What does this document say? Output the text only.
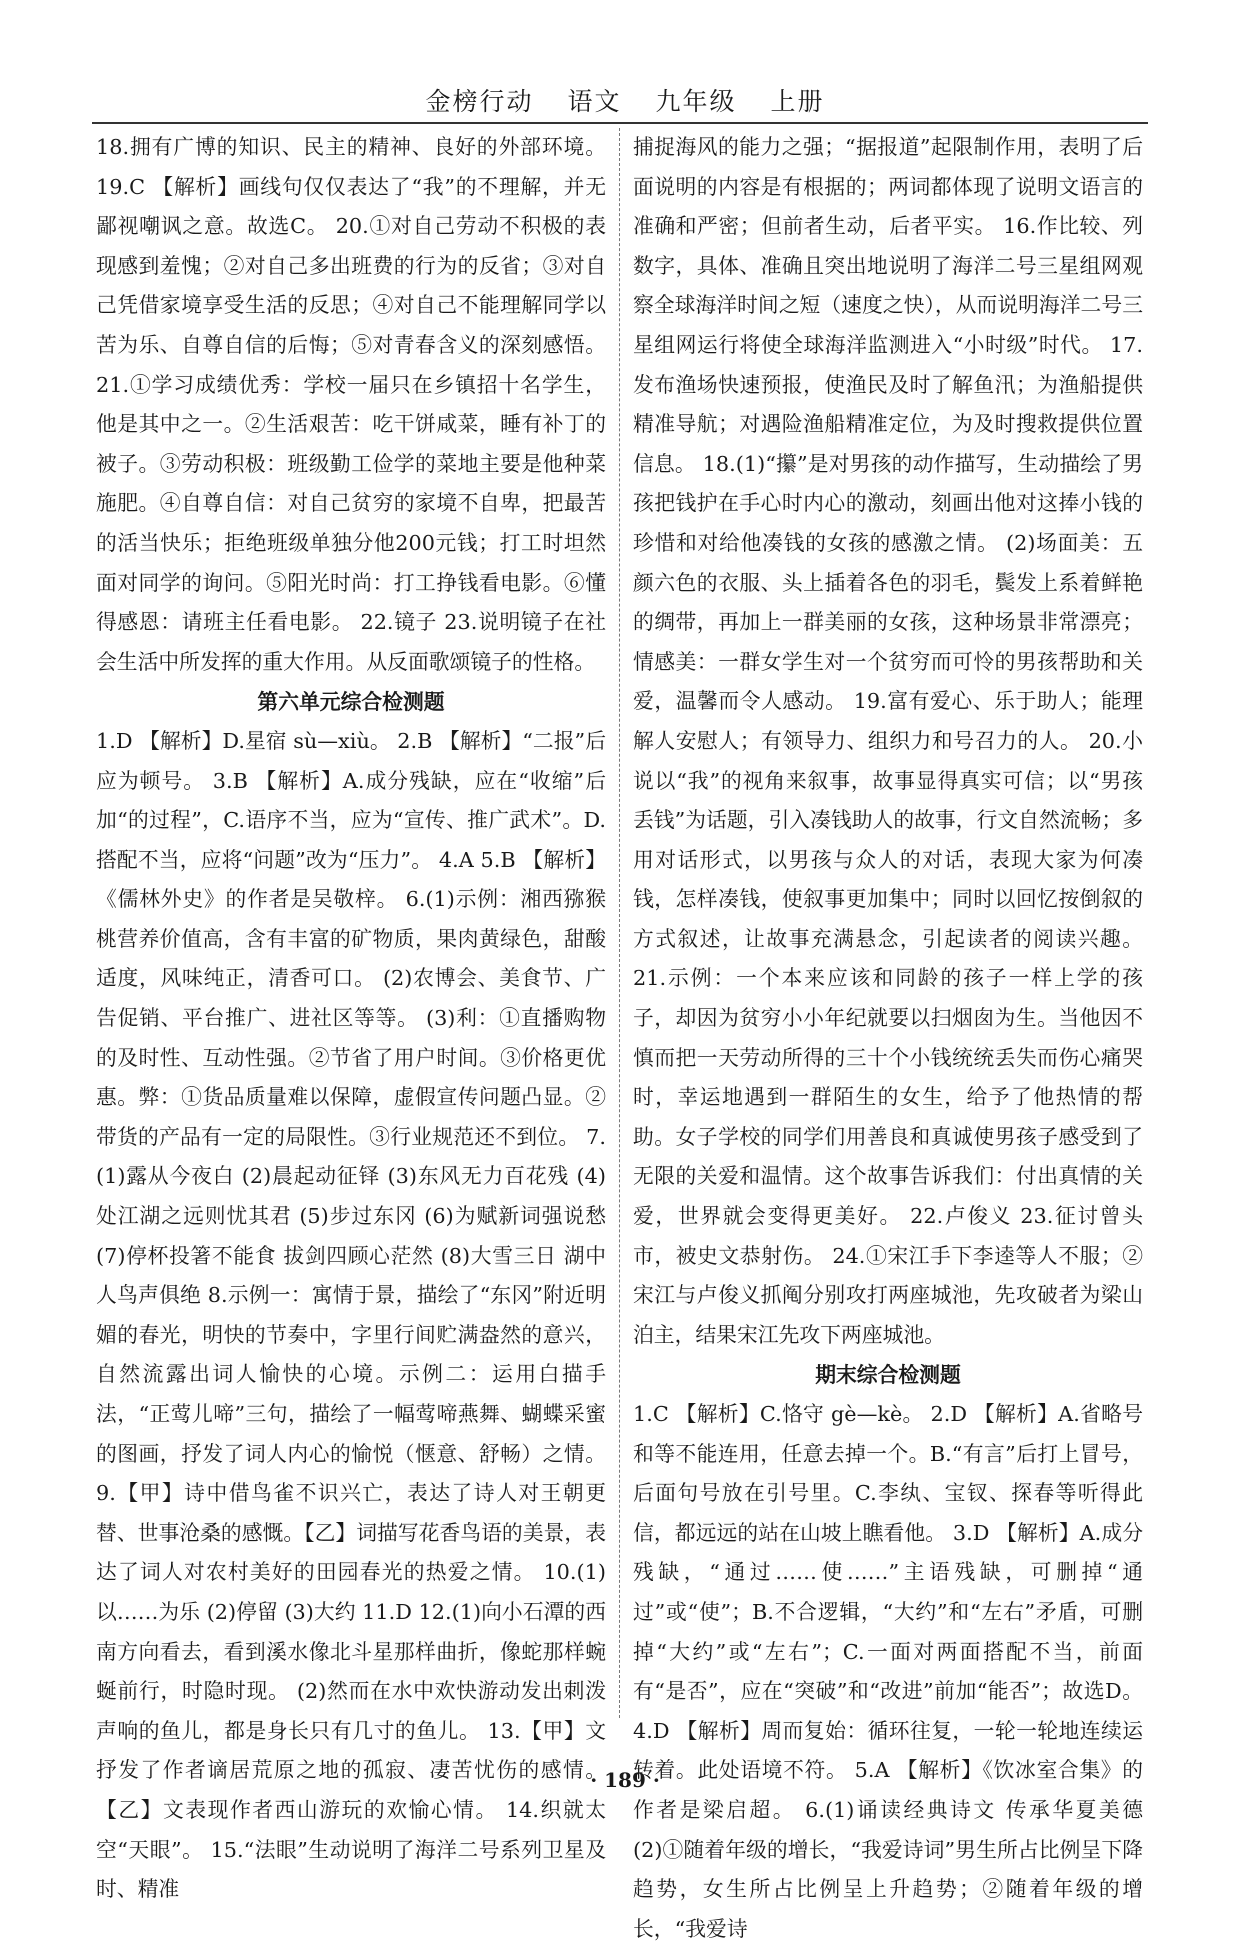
金榜行动 语文 九年级 上册

18.拥有广博的知识、民主的精神、良好的外部环境。 19.C 【解析】画线句仅仅表达了“我”的不理解，并无鄙视嘲讽之意。故选C。 20.①对自己劳动不积极的表现感到羞愧；②对自己多出班费的行为的反省；③对自己凭借家境享受生活的反思；④对自己不能理解同学以苦为乐、自尊自信的后悔；⑤对青春含义的深刻感悟。 21.①学习成绩优秀：学校一届只在乡镇招十名学生，他是其中之一。②生活艰苦：吃干饼咸菜，睡有补丁的被子。③劳动积极：班级勤工俭学的菜地主要是他种菜施肥。④自尊自信：对自己贫穷的家境不自卑，把最苦的活当快乐；拒绝班级单独分他200元钱；打工时坦然面对同学的询问。⑤阳光时尚：打工挣钱看电影。⑥懂得感恩：请班主任看电影。 22.镜子 23.说明镜子在社会生活中所发挥的重大作用。从反面歌颂镜子的性格。

第六单元综合检测题

1.D 【解析】D.星宿 sù—xiù。 2.B 【解析】“二报”后应为顿号。 3.B 【解析】A.成分残缺，应在“收缩”后加“的过程”，C.语序不当，应为“宣传、推广武术”。D.搭配不当，应将“问题”改为“压力”。 4.A 5.B 【解析】《儒林外史》的作者是吴敬梓。 6.(1)示例：湘西猕猴桃营养价值高，含有丰富的矿物质，果肉黄绿色，甜酸适度，风味纯正，清香可口。 (2)农博会、美食节、广告促销、平台推广、进社区等等。 (3)利：①直播购物的及时性、互动性强。②节省了用户时间。③价格更优惠。弊：①货品质量难以保障，虚假宣传问题凸显。②带货的产品有一定的局限性。③行业规范还不到位。 7.(1)露从今夜白 (2)晨起动征铎 (3)东风无力百花残 (4)处江湖之远则忧其君 (5)步过东冈 (6)为赋新词强说愁 (7)停杯投箸不能食 拔剑四顾心茫然 (8)大雪三日 湖中人鸟声俱绝 8.示例一：寓情于景，描绘了“东冈”附近明媚的春光，明快的节奏中，字里行间贮满盎然的意兴，自然流露出词人愉快的心境。示例二：运用白描手法，“正莺儿啼”三句，描绘了一幅莺啼燕舞、蝴蝶采蜜的图画，抒发了词人内心的愉悦（惬意、舒畅）之情。 9.【甲】诗中借鸟雀不识兴亡，表达了诗人对王朝更替、世事沧桑的感慨。【乙】词描写花香鸟语的美景，表达了词人对农村美好的田园春光的热爱之情。 10.(1)以……为乐 (2)停留 (3)大约 11.D 12.(1)向小石潭的西南方向看去，看到溪水像北斗星那样曲折，像蛇那样蜿蜒前行，时隐时现。 (2)然而在水中欢快游动发出刺泼声响的鱼儿，都是身长只有几寸的鱼儿。 13.【甲】文抒发了作者谪居荒原之地的孤寂、凄苦忧伤的感情。【乙】文表现作者西山游玩的欢愉心情。 14.织就太空“天眼”。 15.“法眼”生动说明了海洋二号系列卫星及时、精准

捕捉海风的能力之强；“据报道”起限制作用，表明了后面说明的内容是有根据的；两词都体现了说明文语言的准确和严密；但前者生动，后者平实。 16.作比较、列数字，具体、准确且突出地说明了海洋二号三星组网观察全球海洋时间之短（速度之快），从而说明海洋二号三星组网运行将使全球海洋监测进入“小时级”时代。 17.发布渔场快速预报，使渔民及时了解鱼汛；为渔船提供精准导航；对遇险渔船精准定位，为及时搜救提供位置信息。 18.(1)“攥”是对男孩的动作描写，生动描绘了男孩把钱护在手心时内心的激动，刻画出他对这捧小钱的珍惜和对给他凑钱的女孩的感激之情。 (2)场面美：五颜六色的衣服、头上插着各色的羽毛，鬓发上系着鲜艳的绸带，再加上一群美丽的女孩，这种场景非常漂亮；情感美：一群女学生对一个贫穷而可怜的男孩帮助和关爱，温馨而令人感动。 19.富有爱心、乐于助人；能理解人安慰人；有领导力、组织力和号召力的人。 20.小说以“我”的视角来叙事，故事显得真实可信；以“男孩丢钱”为话题，引入凑钱助人的故事，行文自然流畅；多用对话形式，以男孩与众人的对话，表现大家为何凑钱，怎样凑钱，使叙事更加集中；同时以回忆按倒叙的方式叙述，让故事充满悬念，引起读者的阅读兴趣。 21.示例：一个本来应该和同龄的孩子一样上学的孩子，却因为贫穷小小年纪就要以扫烟囱为生。当他因不慎而把一天劳动所得的三十个小钱统统丢失而伤心痛哭时，幸运地遇到一群陌生的女生，给予了他热情的帮助。女子学校的同学们用善良和真诚使男孩子感受到了无限的关爱和温情。这个故事告诉我们：付出真情的关爱，世界就会变得更美好。 22.卢俊义 23.征讨曾头市，被史文恭射伤。 24.①宋江手下李逵等人不服；②宋江与卢俊义抓阄分别攻打两座城池，先攻破者为梁山泊主，结果宋江先攻下两座城池。

期末综合检测题

1.C 【解析】C.恪守 gè—kè。 2.D 【解析】A.省略号和等不能连用，任意去掉一个。B.“有言”后打上冒号，后面句号放在引号里。C.李纨、宝钗、探春等听得此信，都远远的站在山坡上瞧看他。 3.D 【解析】A.成分残缺，“通过……使……”主语残缺，可删掉“通过”或“使”；B.不合逻辑，“大约”和“左右”矛盾，可删掉“大约”或“左右”；C.一面对两面搭配不当，前面有“是否”，应在“突破”和“改进”前加“能否”；故选D。 4.D 【解析】周而复始：循环往复，一轮一轮地连续运转着。此处语境不符。 5.A 【解析】《饮冰室合集》的作者是梁启超。 6.(1)诵读经典诗文 传承华夏美德 (2)①随着年级的增长，“我爱诗词”男生所占比例呈下降趋势，女生所占比例呈上升趋势；②随着年级的增长，“我爱诗

· 189 ·
